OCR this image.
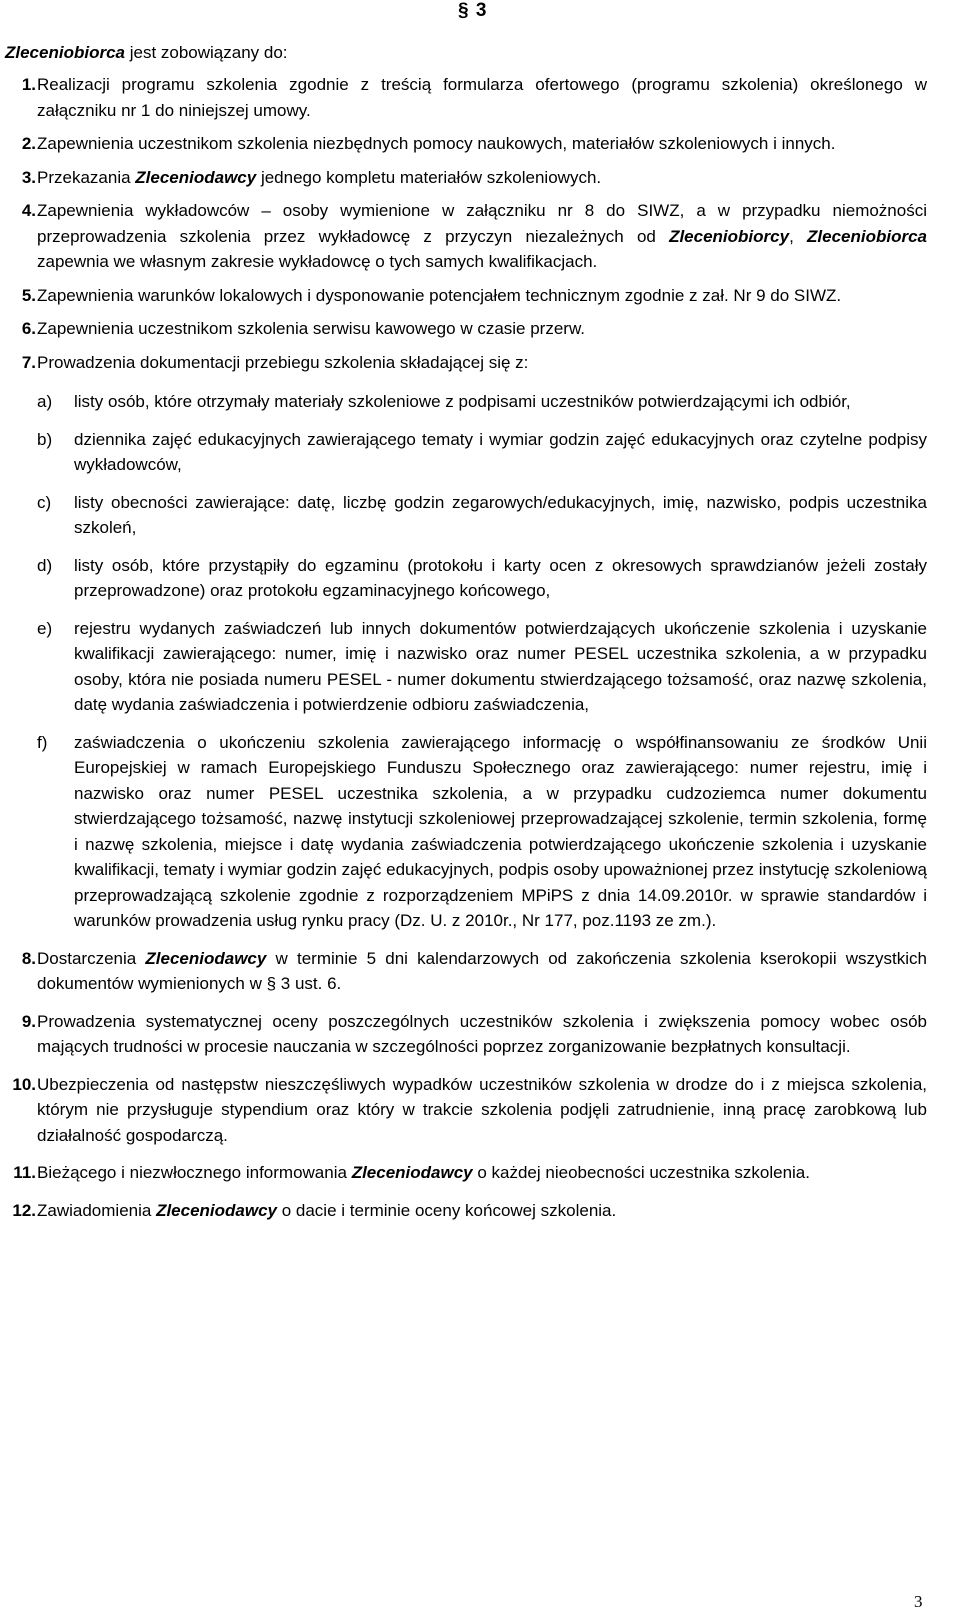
§ 3
Zleceniobiorca jest zobowiązany do:
1. Realizacji programu szkolenia zgodnie z treścią formularza ofertowego (programu szkolenia) określonego w załączniku nr 1 do niniejszej umowy.
2. Zapewnienia uczestnikom szkolenia niezbędnych pomocy naukowych, materiałów szkoleniowych i innych.
3. Przekazania Zleceniodawcy jednego kompletu materiałów szkoleniowych.
4. Zapewnienia wykładowców – osoby wymienione w załączniku nr 8 do SIWZ, a w przypadku niemożności przeprowadzenia szkolenia przez wykładowcę z przyczyn niezależnych od Zleceniobiorcy, Zleceniobiorca zapewnia we własnym zakresie wykładowcę o tych samych kwalifikacjach.
5. Zapewnienia warunków lokalowych i dysponowanie potencjałem technicznym zgodnie z zał. Nr 9 do SIWZ.
6. Zapewnienia uczestnikom szkolenia serwisu kawowego w czasie przerw.
7. Prowadzenia dokumentacji przebiegu szkolenia składającej się z:
a) listy osób, które otrzymały materiały szkoleniowe z podpisami uczestników potwierdzającymi ich odbiór,
b) dziennika zajęć edukacyjnych zawierającego tematy i wymiar godzin zajęć edukacyjnych oraz czytelne podpisy wykładowców,
c) listy obecności zawierające: datę, liczbę godzin zegarowych/edukacyjnych, imię, nazwisko, podpis uczestnika szkoleń,
d) listy osób, które przystąpiły do egzaminu (protokołu i karty ocen z okresowych sprawdzianów jeżeli zostały przeprowadzone) oraz protokołu egzaminacyjnego końcowego,
e) rejestru wydanych zaświadczeń lub innych dokumentów potwierdzających ukończenie szkolenia i uzyskanie kwalifikacji zawierającego: numer, imię i nazwisko oraz numer PESEL uczestnika szkolenia, a w przypadku osoby, która nie posiada numeru PESEL - numer dokumentu stwierdzającego tożsamość, oraz nazwę szkolenia, datę wydania zaświadczenia i potwierdzenie odbioru zaświadczenia,
f) zaświadczenia o ukończeniu szkolenia zawierającego informację o współfinansowaniu ze środków Unii Europejskiej w ramach Europejskiego Funduszu Społecznego oraz zawierającego: numer rejestru, imię i nazwisko oraz numer PESEL uczestnika szkolenia, a w przypadku cudzoziemca numer dokumentu stwierdzającego tożsamość, nazwę instytucji szkoleniowej przeprowadzającej szkolenie, termin szkolenia, formę i nazwę szkolenia, miejsce i datę wydania zaświadczenia potwierdzającego ukończenie szkolenia i uzyskanie kwalifikacji, tematy i wymiar godzin zajęć edukacyjnych, podpis osoby upoważnionej przez instytucję szkoleniową przeprowadzającą szkolenie zgodnie z rozporządzeniem MPiPS z dnia 14.09.2010r. w sprawie standardów i warunków prowadzenia usług rynku pracy (Dz. U. z 2010r., Nr 177, poz.1193 ze zm.).
8. Dostarczenia Zleceniodawcy w terminie 5 dni kalendarzowych od zakończenia szkolenia kserokopii wszystkich dokumentów wymienionych w § 3 ust. 6.
9. Prowadzenia systematycznej oceny poszczególnych uczestników szkolenia i zwiększenia pomocy wobec osób mających trudności w procesie nauczania w szczególności poprzez zorganizowanie bezpłatnych konsultacji.
10. Ubezpieczenia od następstw nieszczęśliwych wypadków uczestników szkolenia w drodze do i z miejsca szkolenia, którym nie przysługuje stypendium oraz który w trakcie szkolenia podjęli zatrudnienie, inną pracę zarobkową lub działalność gospodarczą.
11. Bieżącego i niezwłocznego informowania Zleceniodawcy o każdej nieobecności uczestnika szkolenia.
12. Zawiadomienia Zleceniodawcy o dacie i terminie oceny końcowej szkolenia.
3
